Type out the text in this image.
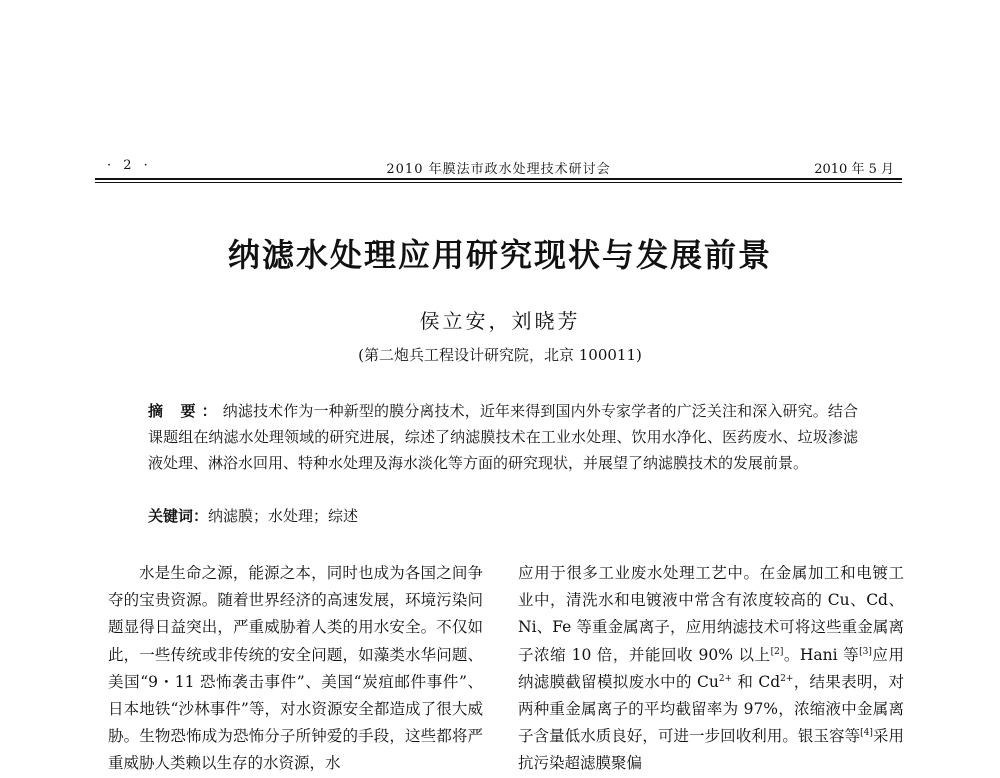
· 2 ·	2010 年膜法市政水处理技术研讨会	2010 年 5 月
纳滤水处理应用研究现状与发展前景
侯立安，刘晓芳
(第二炮兵工程设计研究院，北京 100011)
摘 要：纳滤技术作为一种新型的膜分离技术，近年来得到国内外专家学者的广泛关注和深入研究。结合课题组在纳滤水处理领域的研究进展，综述了纳滤膜技术在工业水处理、饮用水净化、医药废水、垃圾渗滤液处理、淋浴水回用、特种水处理及海水淡化等方面的研究现状，并展望了纳滤膜技术的发展前景。
关键词：纳滤膜；水处理；综述

水是生命之源，能源之本，同时也成为各国之间争夺的宝贵资源。随着世界经济的高速发展，环境污染问题显得日益突出，严重威胁着人类的用水安全。不仅如此，一些传统或非传统的安全问题，如藻类水华问题、美国“9・11 恐怖袭击事件”、美国“炭疽邮件事件”、日本地铁“沙林事件”等，对水资源安全都造成了很大威胁。生物恐怖成为恐怖分子所钟爱的手段，这些都将严重威胁人类赖以生存的水资源，水

应用于很多工业废水处理工艺中。在金属加工和电镀工业中，清洗水和电镀液中常含有浓度较高的 Cu、Cd、Ni、Fe 等重金属离子，应用纳滤技术可将这些重金属离子浓缩 10 倍，并能回收 90% 以上[2]。Hani 等[3]应用纳滤膜截留模拟废水中的 $Cu^{2+}$ 和 $Cd^{2+}$，结果表明，对两种重金属离子的平均截留率为 97%，浓缩液中金属离子含量低水质良好，可进一步回收利用。银玉容等[4]采用抗污染超滤膜聚偏
